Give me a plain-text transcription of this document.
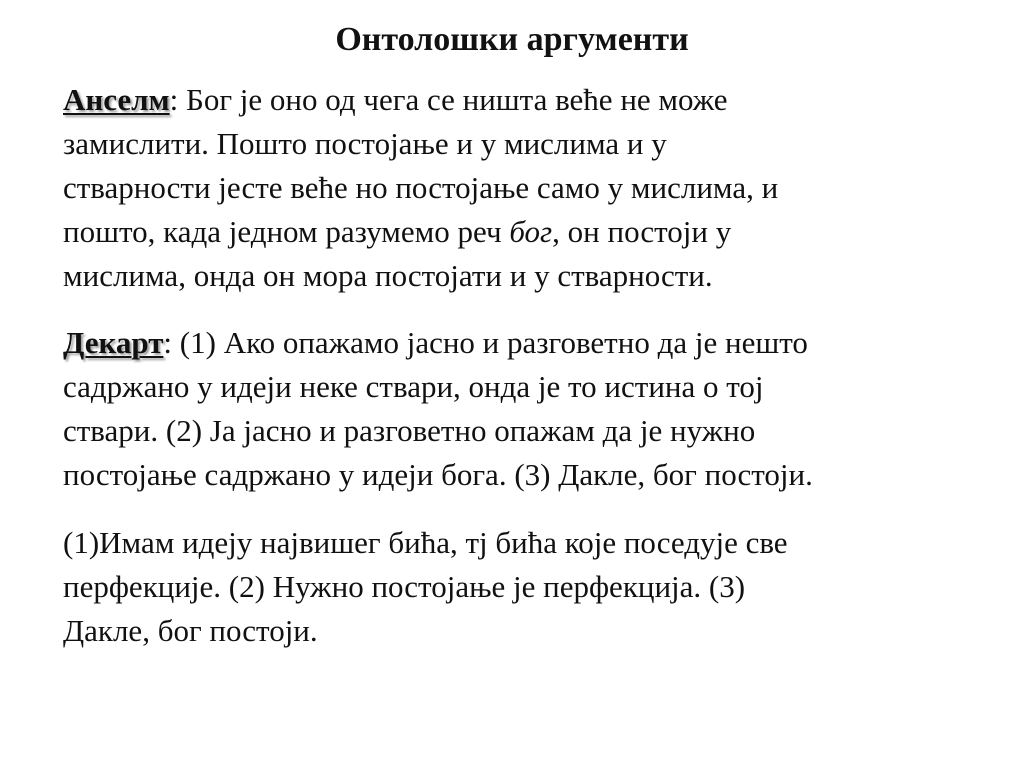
Онтолошки аргументи

Анселм: Бог је оно од чега се ништа веће не може
замислити. Пошто постојање и у мислима и у
стварности јесте веће но постојање само у мислима, и
пошто, када једном разумемо реч бог, он постоји у
мислима, онда он мора постојати и у стварности.

Декарт: (1) Ако опажамо јасно и разговетно да је нешто
садржано у идеји неке ствари, онда је то истина о тој
ствари. (2) Ја јасно и разговетно опажам да је нужно
постојање садржано у идеји бога. (3) Дакле, бог постоји.

(1)Имам идеју највишег бића, тј бића које поседује све
перфекције. (2) Нужно постојање је перфекција. (3)
Дакле, бог постоји.
